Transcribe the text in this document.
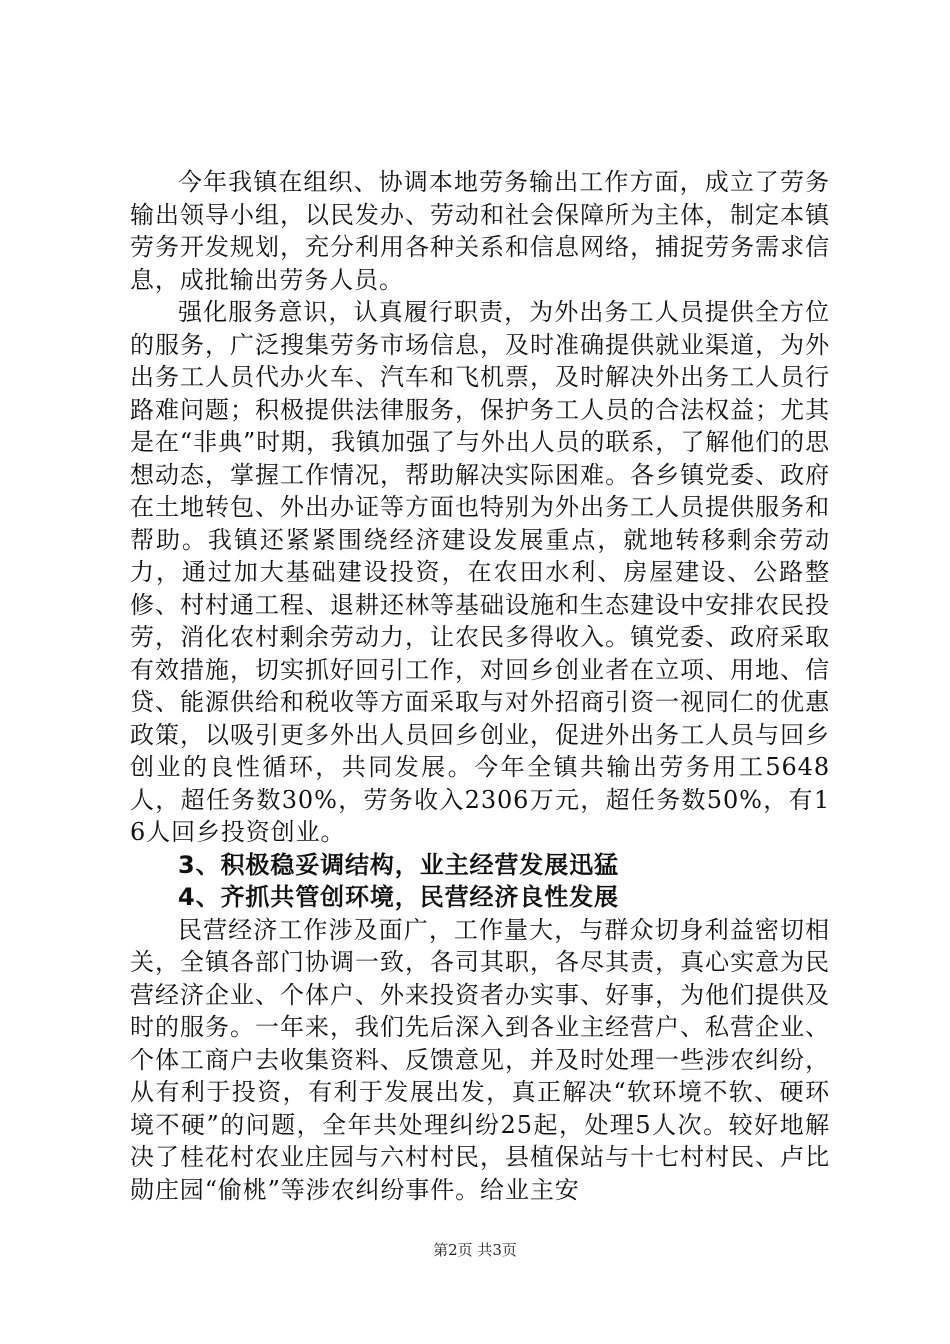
今年我镇在组织、协调本地劳务输出工作方面，成立了劳务输出领导小组，以民发办、劳动和社会保障所为主体，制定本镇劳务开发规划，充分利用各种关系和信息网络，捕捉劳务需求信息，成批输出劳务人员。

强化服务意识，认真履行职责，为外出务工人员提供全方位的服务，广泛搜集劳务市场信息，及时准确提供就业渠道，为外出务工人员代办火车、汽车和飞机票，及时解决外出务工人员行路难问题；积极提供法律服务，保护务工人员的合法权益；尤其是在“非典”时期，我镇加强了与外出人员的联系，了解他们的思想动态，掌握工作情况，帮助解决实际困难。各乡镇党委、政府在土地转包、外出办证等方面也特别为外出务工人员提供服务和帮助。我镇还紧紧围绕经济建设发展重点，就地转移剩余劳动力，通过加大基础建设投资，在农田水利、房屋建设、公路整修、村村通工程、退耕还林等基础设施和生态建设中安排农民投劳，消化农村剩余劳动力，让农民多得收入。镇党委、政府采取有效措施，切实抓好回引工作，对回乡创业者在立项、用地、信贷、能源供给和税收等方面采取与对外招商引资一视同仁的优惠政策，以吸引更多外出人员回乡创业，促进外出务工人员与回乡创业的良性循环，共同发展。今年全镇共输出劳务用工5648人，超任务数30%，劳务收入2306万元，超任务数50%，有16人回乡投资创业。

3、积极稳妥调结构，业主经营发展迅猛

4、齐抓共管创环境，民营经济良性发展

民营经济工作涉及面广，工作量大，与群众切身利益密切相关，全镇各部门协调一致，各司其职，各尽其责，真心实意为民营经济企业、个体户、外来投资者办实事、好事，为他们提供及时的服务。一年来，我们先后深入到各业主经营户、私营企业、个体工商户去收集资料、反馈意见，并及时处理一些涉农纠纷，从有利于投资，有利于发展出发，真正解决“软环境不软、硬环境不硬”的问题，全年共处理纠纷25起，处理5人次。较好地解决了桂花村农业庄园与六村村民，县植保站与十七村村民、卢比勋庄园“偷桃”等涉农纠纷事件。给业主安

第2页 共3页
